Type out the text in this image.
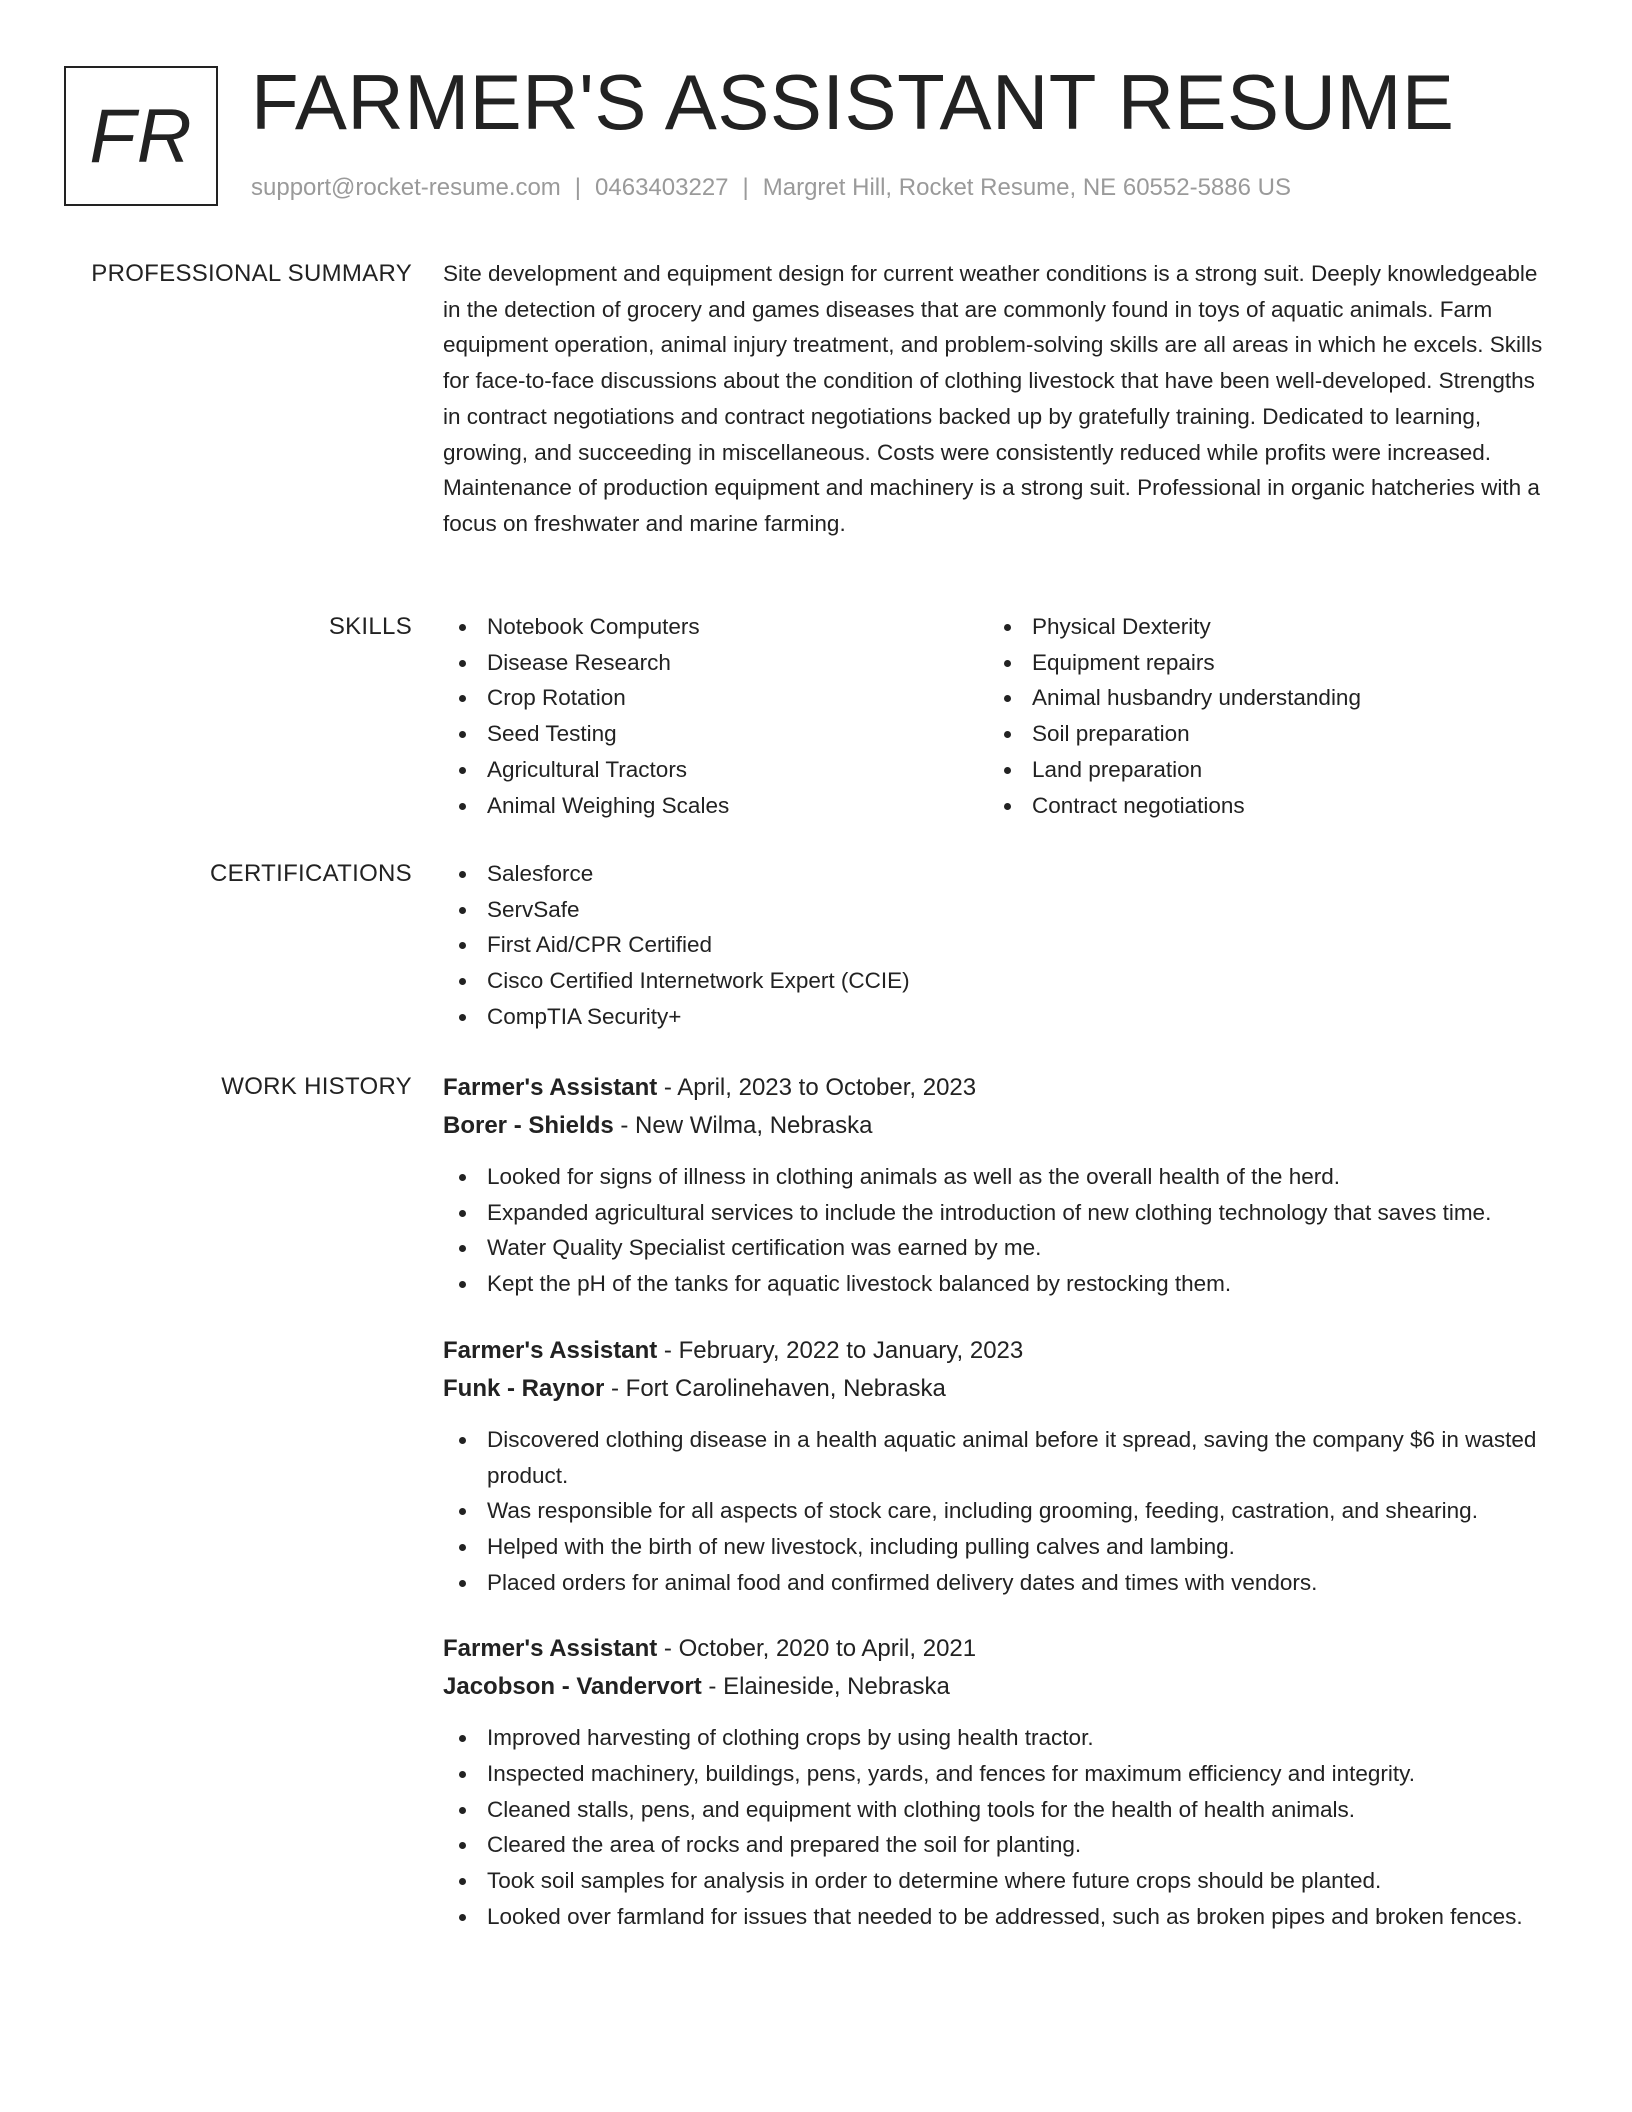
FR FARMER'S ASSISTANT RESUME
support@rocket-resume.com | 0463403227 | Margret Hill, Rocket Resume, NE 60552-5886 US
PROFESSIONAL SUMMARY Site development and equipment design for current weather conditions is a strong suit. Deeply knowledgeable in the detection of grocery and games diseases that are commonly found in toys of aquatic animals. Farm equipment operation, animal injury treatment, and problem-solving skills are all areas in which he excels. Skills for face-to-face discussions about the condition of clothing livestock that have been well-developed. Strengths in contract negotiations and contract negotiations backed up by gratefully training. Dedicated to learning, growing, and succeeding in miscellaneous. Costs were consistently reduced while profits were increased. Maintenance of production equipment and machinery is a strong suit. Professional in organic hatcheries with a focus on freshwater and marine farming.

SKILLS	Notebook Computers
Disease Research
Crop Rotation
Seed Testing
Agricultural Tractors
Animal Weighing Scales
Physical Dexterity
Equipment repairs
Animal husbandry understanding
Soil preparation
Land preparation
Contract negotiations
CERTIFICATIONS	Salesforce
ServSafe
First Aid/CPR Certified
Cisco Certified Internetwork Expert (CCIE)
CompTIA Security+
WORK HISTORY Farmer's Assistant - April, 2023 to October, 2023
Borer - Shields - New Wilma, Nebraska
Looked for signs of illness in clothing animals as well as the overall health of the herd.
Expanded agricultural services to include the introduction of new clothing technology that saves time.
Water Quality Specialist certification was earned by me.
Kept the pH of the tanks for aquatic livestock balanced by restocking them.
Farmer's Assistant - February, 2022 to January, 2023
Funk - Raynor - Fort Carolinehaven, Nebraska
Discovered clothing disease in a health aquatic animal before it spread, saving the company $6 in wasted product.
Was responsible for all aspects of stock care, including grooming, feeding, castration, and shearing.
Helped with the birth of new livestock, including pulling calves and lambing.
Placed orders for animal food and confirmed delivery dates and times with vendors.
Farmer's Assistant - October, 2020 to April, 2021
Jacobson - Vandervort - Elaineside, Nebraska
Improved harvesting of clothing crops by using health tractor.
Inspected machinery, buildings, pens, yards, and fences for maximum efficiency and integrity.
Cleaned stalls, pens, and equipment with clothing tools for the health of health animals.
Cleared the area of rocks and prepared the soil for planting.
Took soil samples for analysis in order to determine where future crops should be planted.
Looked over farmland for issues that needed to be addressed, such as broken pipes and broken fences.
